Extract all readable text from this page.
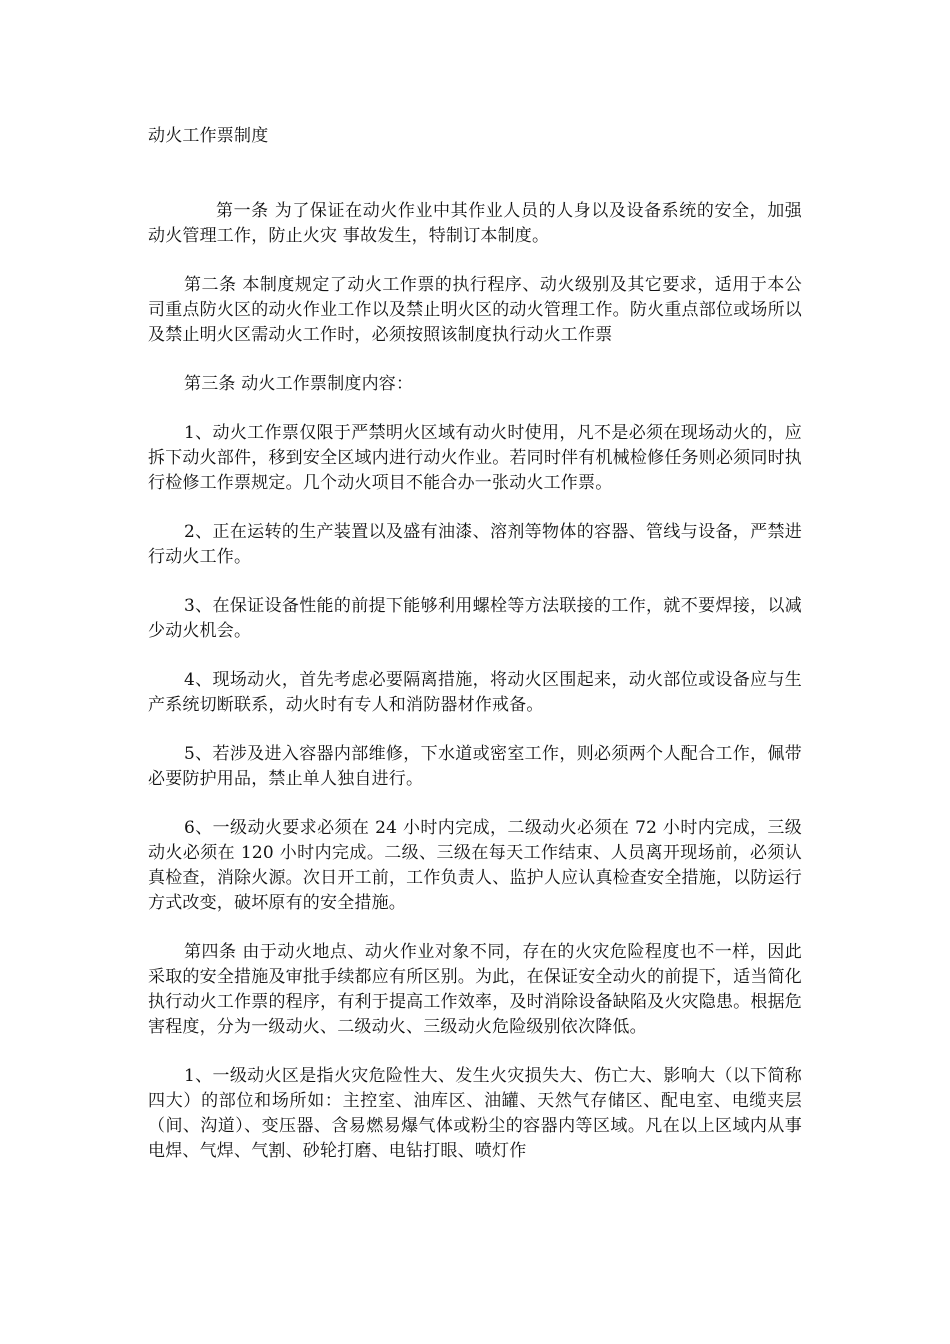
动火工作票制度

第一条 为了保证在动火作业中其作业人员的人身以及设备系统的安全，加强动火管理工作，防止火灾 事故发生，特制订本制度。

第二条 本制度规定了动火工作票的执行程序、动火级别及其它要求，适用于本公司重点防火区的动火作业工作以及禁止明火区的动火管理工作。防火重点部位或场所以及禁止明火区需动火工作时，必须按照该制度执行动火工作票

第三条 动火工作票制度内容：

1、动火工作票仅限于严禁明火区域有动火时使用，凡不是必须在现场动火的，应拆下动火部件，移到安全区域内进行动火作业。若同时伴有机械检修任务则必须同时执行检修工作票规定。几个动火项目不能合办一张动火工作票。

2、正在运转的生产装置以及盛有油漆、溶剂等物体的容器、管线与设备，严禁进行动火工作。

3、在保证设备性能的前提下能够利用螺栓等方法联接的工作，就不要焊接，以减少动火机会。

4、现场动火，首先考虑必要隔离措施，将动火区围起来，动火部位或设备应与生产系统切断联系，动火时有专人和消防器材作戒备。

5、若涉及进入容器内部维修，下水道或密室工作，则必须两个人配合工作，佩带必要防护用品，禁止单人独自进行。

6、一级动火要求必须在 24 小时内完成，二级动火必须在 72 小时内完成，三级动火必须在 120 小时内完成。二级、三级在每天工作结束、人员离开现场前，必须认真检查，消除火源。次日开工前，工作负责人、监护人应认真检查安全措施，以防运行方式改变，破坏原有的安全措施。

第四条 由于动火地点、动火作业对象不同，存在的火灾危险程度也不一样，因此采取的安全措施及审批手续都应有所区别。为此，在保证安全动火的前提下，适当简化执行动火工作票的程序，有利于提高工作效率，及时消除设备缺陷及火灾隐患。根据危害程度，分为一级动火、二级动火、三级动火危险级别依次降低。

1、一级动火区是指火灾危险性大、发生火灾损失大、伤亡大、影响大（以下简称四大）的部位和场所如：主控室、油库区、油罐、天然气存储区、配电室、电缆夹层（间、沟道）、变压器、含易燃易爆气体或粉尘的容器内等区域。凡在以上区域内从事电焊、气焊、气割、砂轮打磨、电钻打眼、喷灯作
